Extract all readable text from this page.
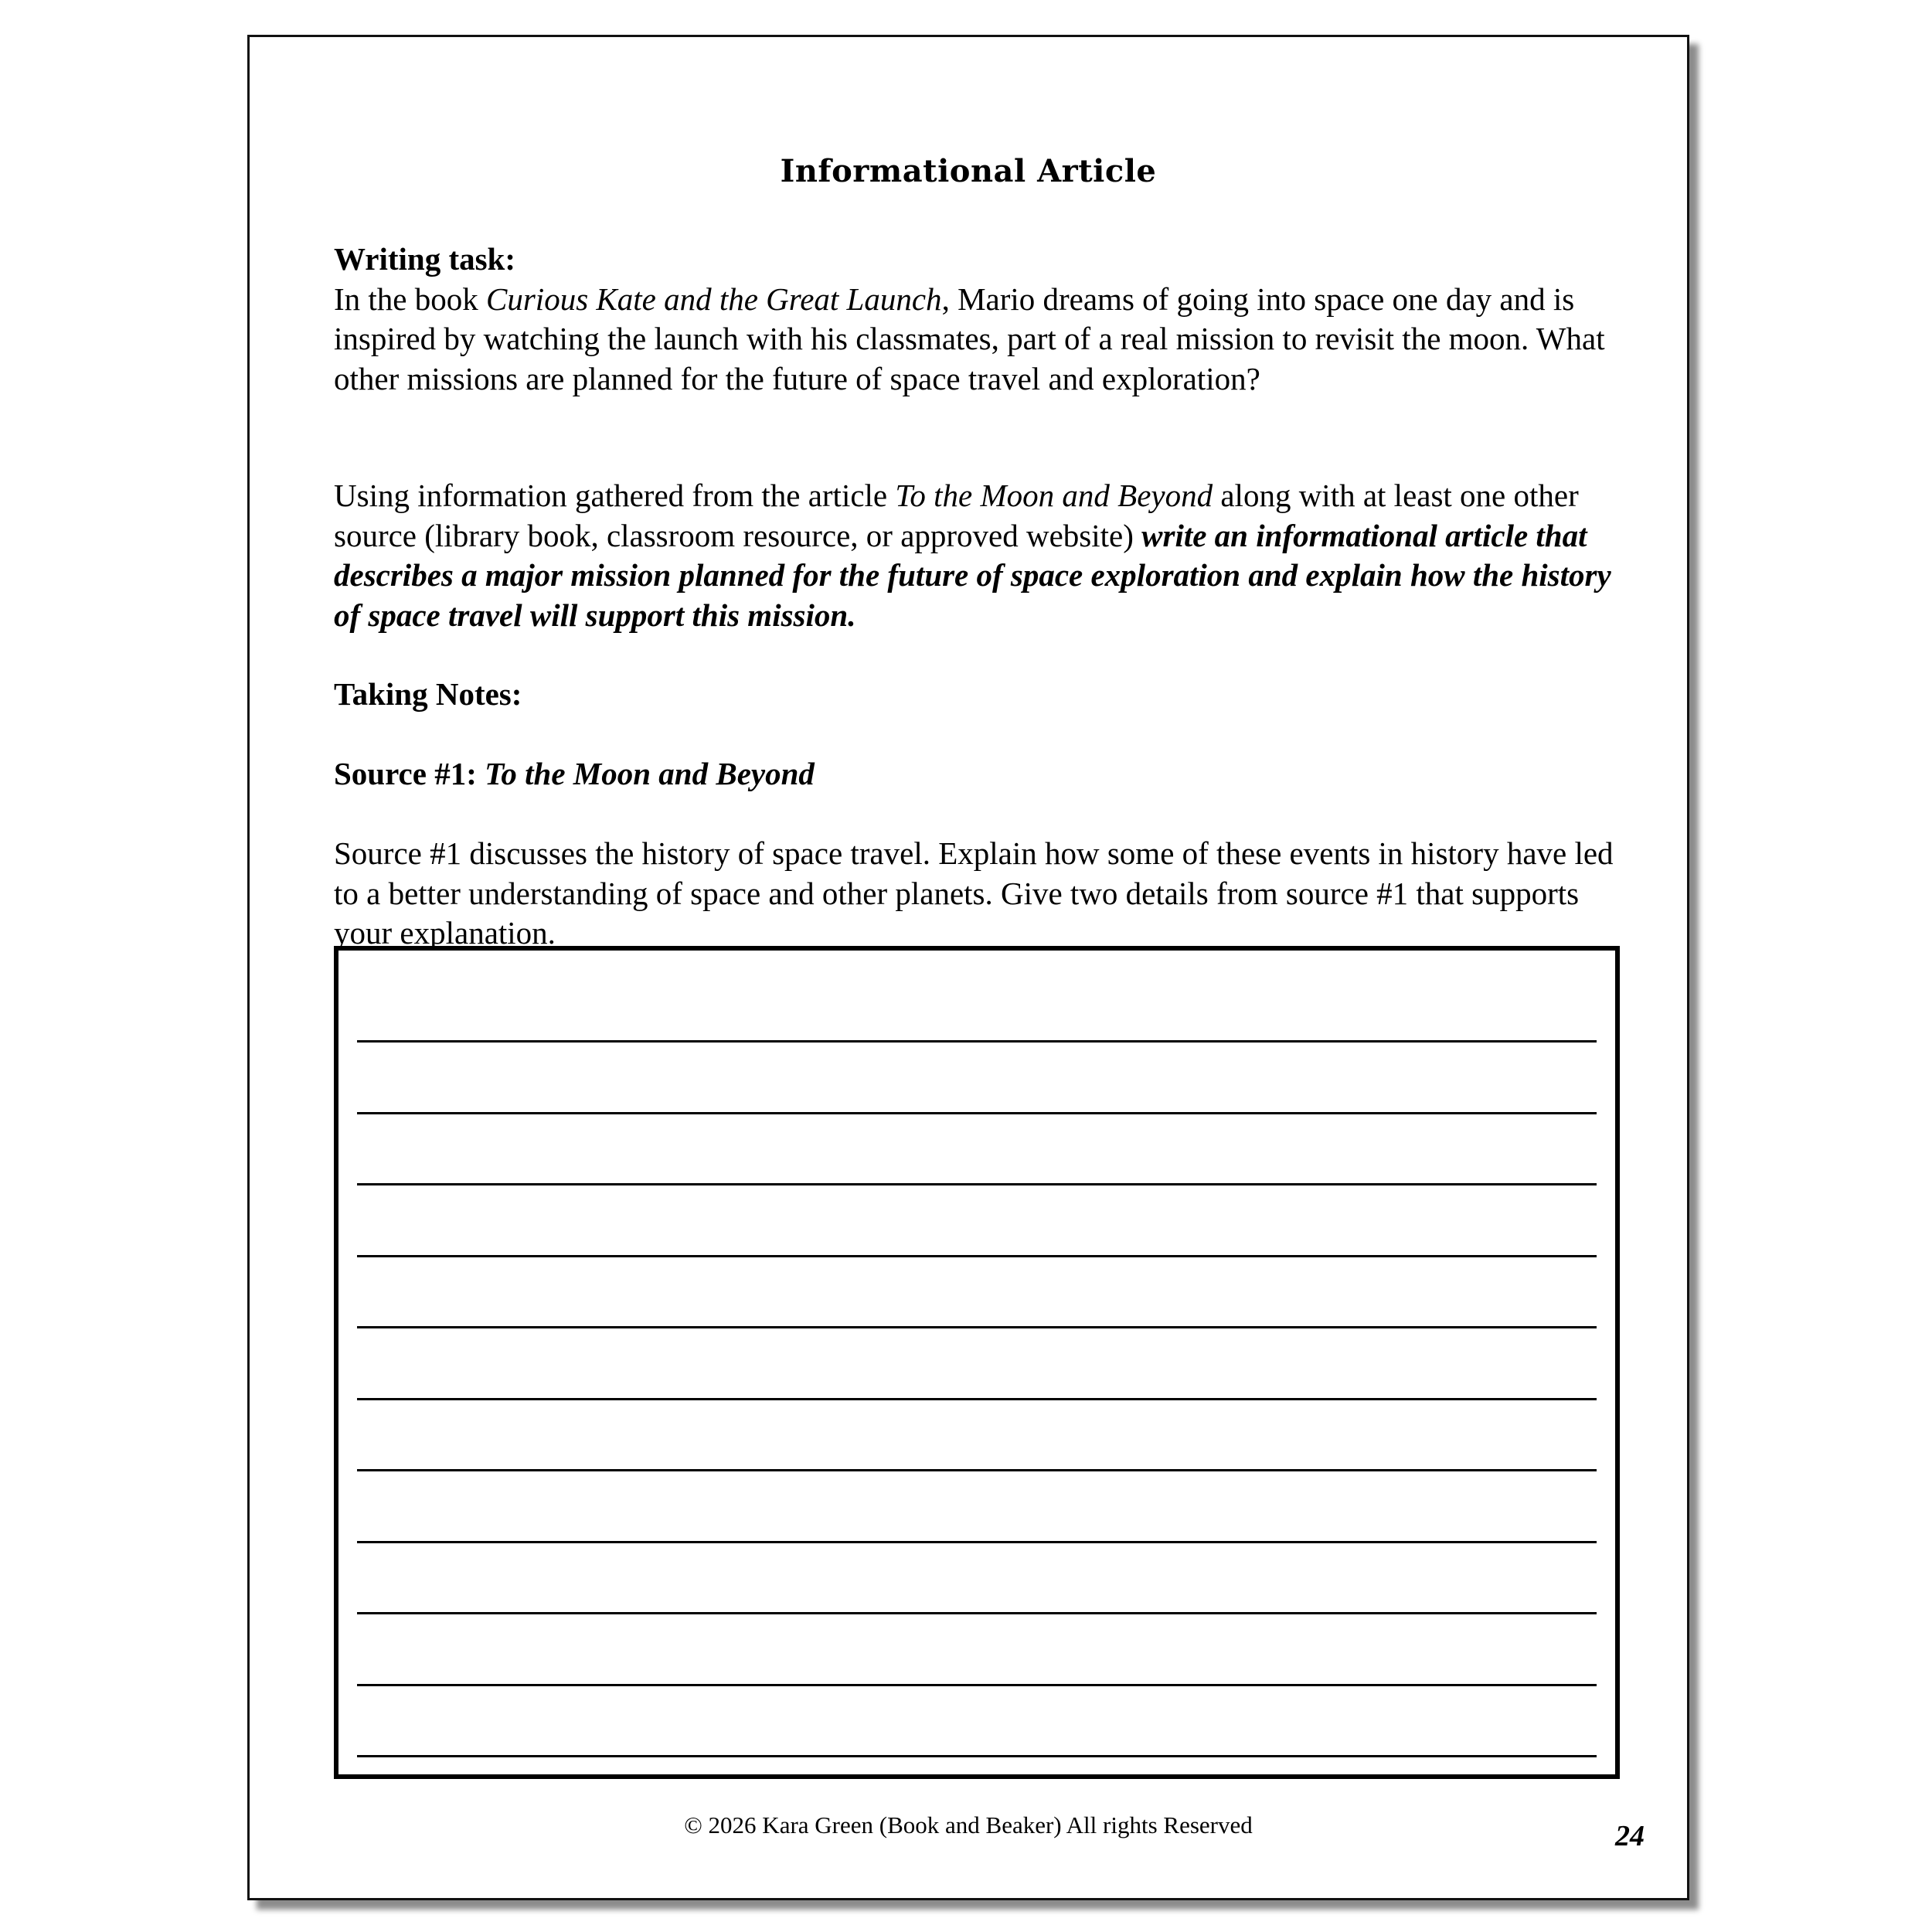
Informational Article

Writing task:

In the book Curious Kate and the Great Launch, Mario dreams of going into space one day and is inspired by watching the launch with his classmates, part of a real mission to revisit the moon. What other missions are planned for the future of space travel and exploration?

Using information gathered from the article To the Moon and Beyond along with at least one other source (library book, classroom resource, or approved website) write an informational article that describes a major mission planned for the future of space exploration and explain how the history of space travel will support this mission.

Taking Notes:

Source #1: To the Moon and Beyond

Source #1 discusses the history of space travel. Explain how some of these events in history have led to a better understanding of space and other planets. Give two details from source #1 that supports your explanation.

© 2026 Kara Green (Book and Beaker) All rights Reserved	24
